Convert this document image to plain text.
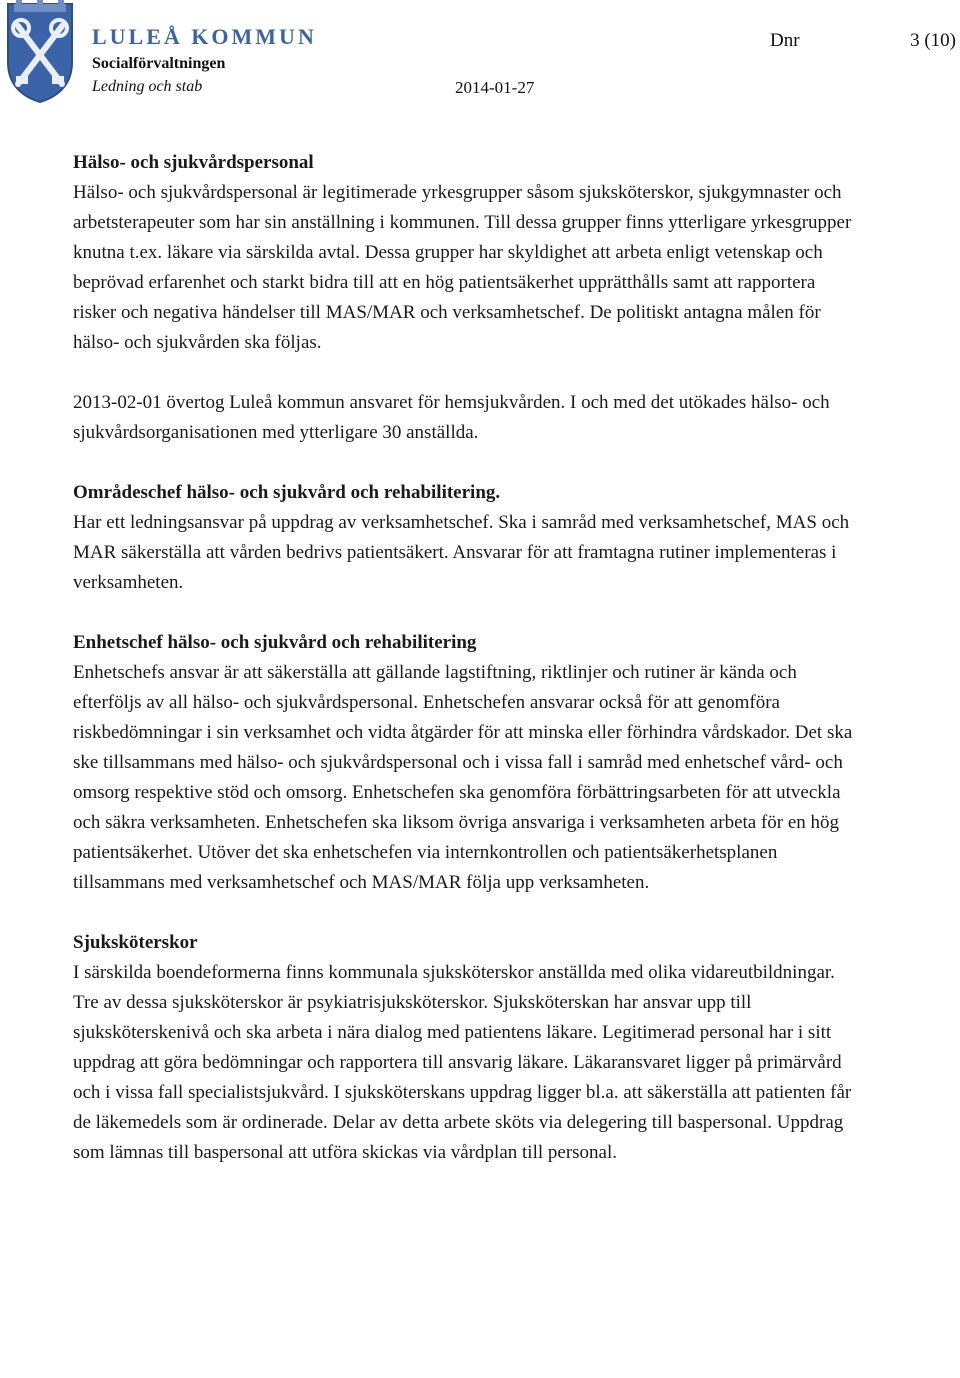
LULEÅ KOMMUN
Socialförvaltningen
Ledning och stab	2014-01-27
Dnr	3 (10)
Hälso- och sjukvårdspersonal

Hälso- och sjukvårdspersonal är legitimerade yrkesgrupper såsom sjuksköterskor, sjukgymnaster och arbetsterapeuter som har sin anställning i kommunen. Till dessa grupper finns ytterligare yrkesgrupper knutna t.ex. läkare via särskilda avtal. Dessa grupper har skyldighet att arbeta enligt vetenskap och beprövad erfarenhet och starkt bidra till att en hög patientsäkerhet upprätthålls samt att rapportera risker och negativa händelser till MAS/MAR och verksamhetschef. De politiskt antagna målen för hälso- och sjukvården ska följas.

2013-02-01 övertog Luleå kommun ansvaret för hemsjukvården. I och med det utökades hälso- och sjukvårdsorganisationen med ytterligare 30 anställda.

Områdeschef hälso- och sjukvård och rehabilitering.

Har ett ledningsansvar på uppdrag av verksamhetschef. Ska i samråd med verksamhetschef, MAS och MAR säkerställa att vården bedrivs patientsäkert. Ansvarar för att framtagna rutiner implementeras i verksamheten.

Enhetschef hälso- och sjukvård och rehabilitering

Enhetschefs ansvar är att säkerställa att gällande lagstiftning, riktlinjer och rutiner är kända och efterföljs av all hälso- och sjukvårdspersonal. Enhetschefen ansvarar också för att genomföra riskbedömningar i sin verksamhet och vidta åtgärder för att minska eller förhindra vårdskador. Det ska ske tillsammans med hälso- och sjukvårdspersonal och i vissa fall i samråd med enhetschef vård- och omsorg respektive stöd och omsorg. Enhetschefen ska genomföra förbättringsarbeten för att utveckla och säkra verksamheten. Enhetschefen ska liksom övriga ansvariga i verksamheten arbeta för en hög patientsäkerhet. Utöver det ska enhetschefen via internkontrollen och patientsäkerhetsplanen tillsammans med verksamhetschef och MAS/MAR följa upp verksamheten.

Sjuksköterskor

I särskilda boendeformerna finns kommunala sjuksköterskor anställda med olika vidareutbildningar. Tre av dessa sjuksköterskor är psykiatrisjuksköterskor. Sjuksköterskan har ansvar upp till sjuksköterskenivå och ska arbeta i nära dialog med patientens läkare. Legitimerad personal har i sitt uppdrag att göra bedömningar och rapportera till ansvarig läkare. Läkaransvaret ligger på primärvård och i vissa fall specialistsjukvård. I sjuksköterskans uppdrag ligger bl.a. att säkerställa att patienten får de läkemedels som är ordinerade. Delar av detta arbete sköts via delegering till baspersonal. Uppdrag som lämnas till baspersonal att utföra skickas via vårdplan till personal.
